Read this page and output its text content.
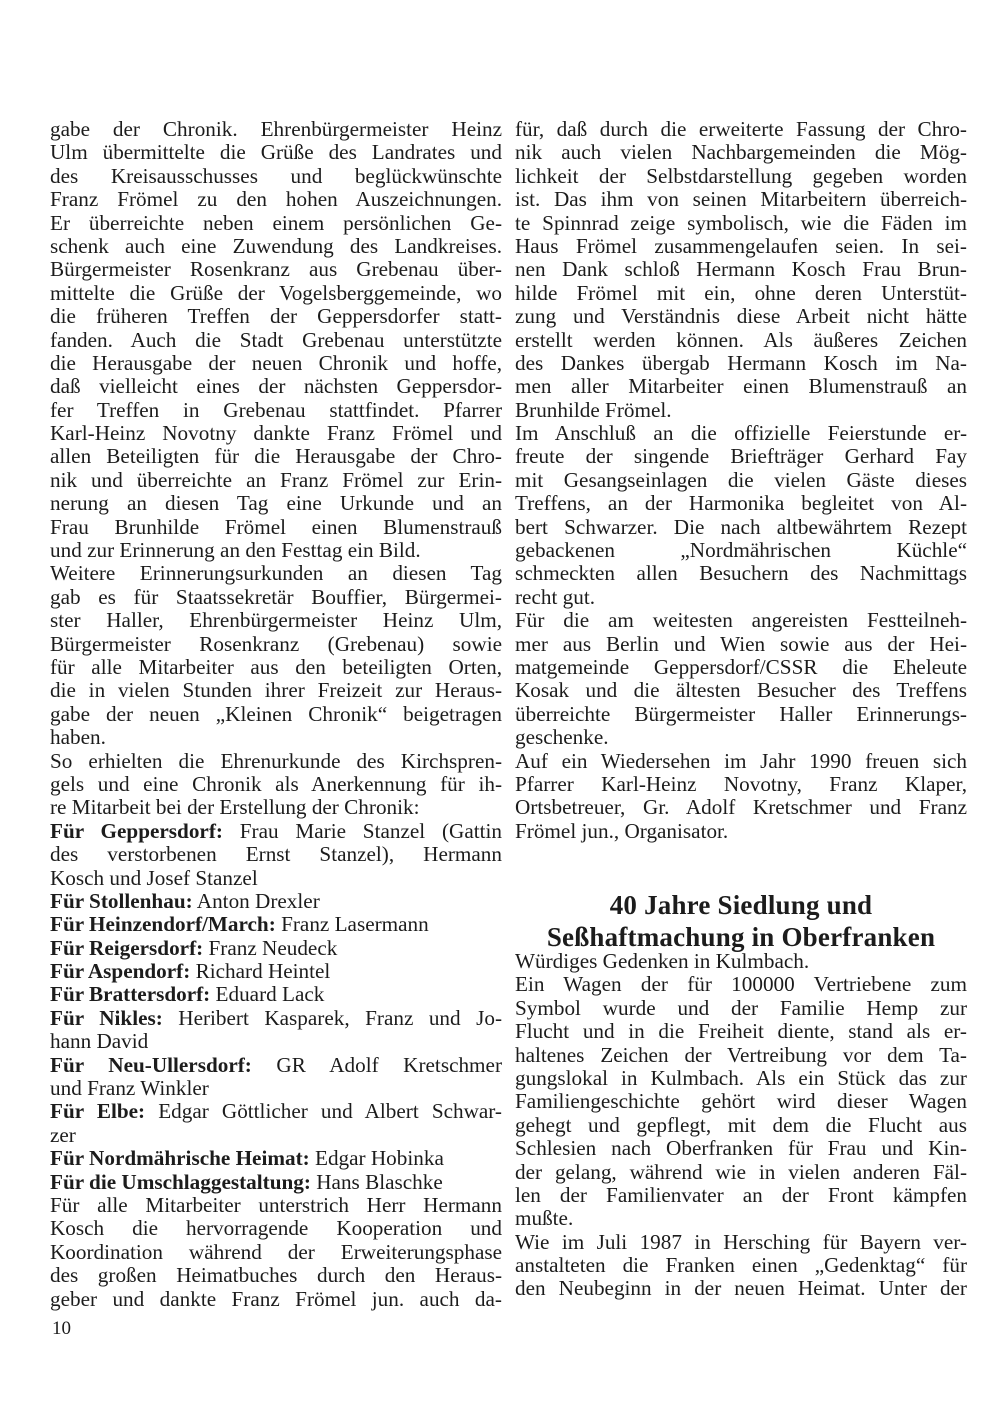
gabe der Chronik. Ehrenbürgermeister Heinz
Ulm übermittelte die Grüße des Landrates und
des Kreisausschusses und beglückwünschte
Franz Frömel zu den hohen Auszeichnungen.
Er überreichte neben einem persönlichen Ge-
schenk auch eine Zuwendung des Landkreises.
Bürgermeister Rosenkranz aus Grebenau über-
mittelte die Grüße der Vogelsberggemeinde, wo
die früheren Treffen der Geppersdorfer statt-
fanden. Auch die Stadt Grebenau unterstützte
die Herausgabe der neuen Chronik und hoffe,
daß vielleicht eines der nächsten Geppersdor-
fer Treffen in Grebenau stattfindet. Pfarrer
Karl-Heinz Novotny dankte Franz Frömel und
allen Beteiligten für die Herausgabe der Chro-
nik und überreichte an Franz Frömel zur Erin-
nerung an diesen Tag eine Urkunde und an
Frau Brunhilde Frömel einen Blumenstrauß
und zur Erinnerung an den Festtag ein Bild.
Weitere Erinnerungsurkunden an diesen Tag
gab es für Staatssekretär Bouffier, Bürgermei-
ster Haller, Ehrenbürgermeister Heinz Ulm,
Bürgermeister Rosenkranz (Grebenau) sowie
für alle Mitarbeiter aus den beteiligten Orten,
die in vielen Stunden ihrer Freizeit zur Heraus-
gabe der neuen „Kleinen Chronik“ beigetragen
haben.
So erhielten die Ehrenurkunde des Kirchspren-
gels und eine Chronik als Anerkennung für ih-
re Mitarbeit bei der Erstellung der Chronik:
Für Geppersdorf: Frau Marie Stanzel (Gattin
des verstorbenen Ernst Stanzel), Hermann
Kosch und Josef Stanzel
Für Stollenhau: Anton Drexler
Für Heinzendorf/March: Franz Lasermann
Für Reigersdorf: Franz Neudeck
Für Aspendorf: Richard Heintel
Für Brattersdorf: Eduard Lack
Für Nikles: Heribert Kasparek, Franz und Jo-
hann David
Für Neu-Ullersdorf: GR Adolf Kretschmer
und Franz Winkler
Für Elbe: Edgar Göttlicher und Albert Schwar-
zer
Für Nordmährische Heimat: Edgar Hobinka
Für die Umschlaggestaltung: Hans Blaschke
Für alle Mitarbeiter unterstrich Herr Hermann
Kosch die hervorragende Kooperation und
Koordination während der Erweiterungsphase
des großen Heimatbuches durch den Heraus-
geber und dankte Franz Frömel jun. auch da-
für, daß durch die erweiterte Fassung der Chro-
nik auch vielen Nachbargemeinden die Mög-
lichkeit der Selbstdarstellung gegeben worden
ist. Das ihm von seinen Mitarbeitern überreich-
te Spinnrad zeige symbolisch, wie die Fäden im
Haus Frömel zusammengelaufen seien. In sei-
nen Dank schloß Hermann Kosch Frau Brun-
hilde Frömel mit ein, ohne deren Unterstüt-
zung und Verständnis diese Arbeit nicht hätte
erstellt werden können. Als äußeres Zeichen
des Dankes übergab Hermann Kosch im Na-
men aller Mitarbeiter einen Blumenstrauß an
Brunhilde Frömel.
Im Anschluß an die offizielle Feierstunde er-
freute der singende Briefträger Gerhard Fay
mit Gesangseinlagen die vielen Gäste dieses
Treffens, an der Harmonika begleitet von Al-
bert Schwarzer. Die nach altbewährtem Rezept
gebackenen „Nordmährischen Küchle“
schmeckten allen Besuchern des Nachmittags
recht gut.
Für die am weitesten angereisten Festteilneh-
mer aus Berlin und Wien sowie aus der Hei-
matgemeinde Geppersdorf/CSSR die Eheleute
Kosak und die ältesten Besucher des Treffens
überreichte Bürgermeister Haller Erinnerungs-
geschenke.
Auf ein Wiedersehen im Jahr 1990 freuen sich
Pfarrer Karl-Heinz Novotny, Franz Klaper,
Ortsbetreuer, Gr. Adolf Kretschmer und Franz
Frömel jun., Organisator.
40 Jahre Siedlung und
Seßhaftmachung in Oberfranken
Würdiges Gedenken in Kulmbach.
Ein Wagen der für 100000 Vertriebene zum
Symbol wurde und der Familie Hemp zur
Flucht und in die Freiheit diente, stand als er-
haltenes Zeichen der Vertreibung vor dem Ta-
gungslokal in Kulmbach. Als ein Stück das zur
Familiengeschichte gehört wird dieser Wagen
gehegt und gepflegt, mit dem die Flucht aus
Schlesien nach Oberfranken für Frau und Kin-
der gelang, während wie in vielen anderen Fäl-
len der Familienvater an der Front kämpfen
mußte.
Wie im Juli 1987 in Hersching für Bayern ver-
anstalteten die Franken einen „Gedenktag“ für
den Neubeginn in der neuen Heimat. Unter der
10
